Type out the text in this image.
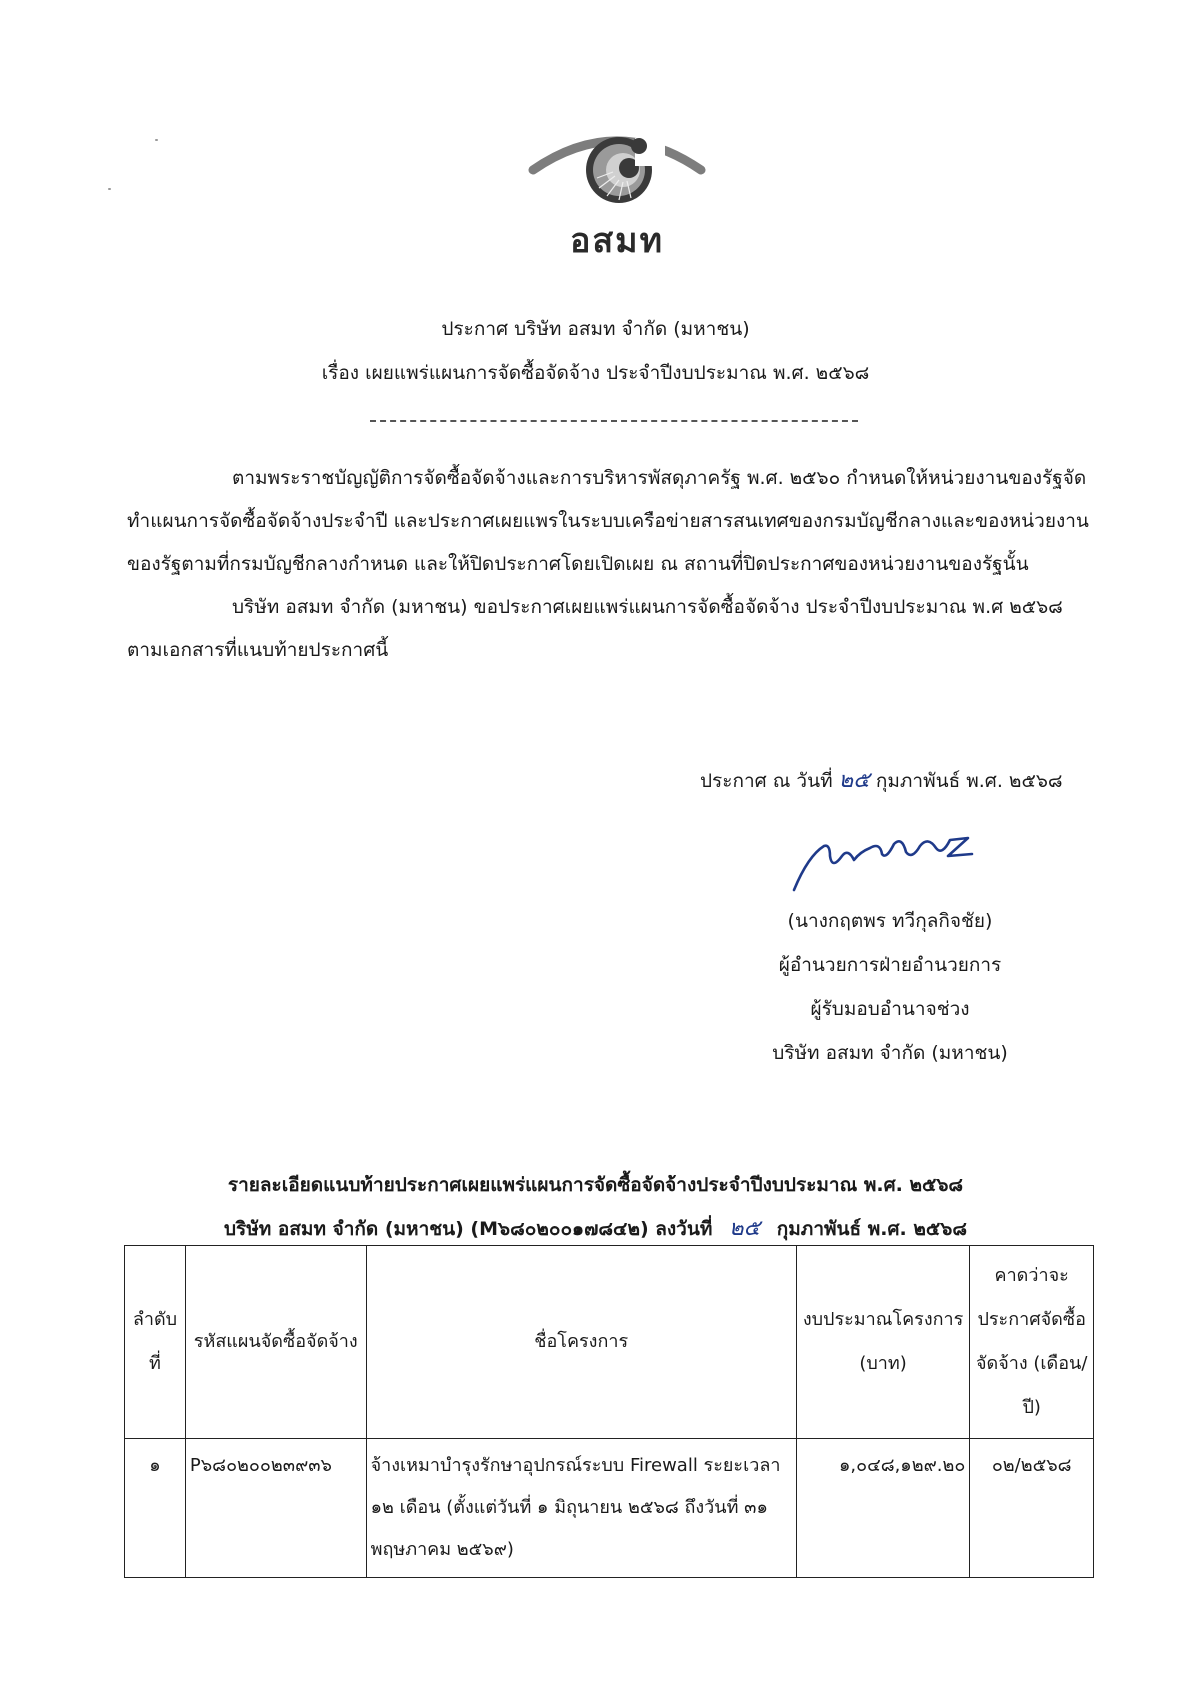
อสมท
ประกาศ บริษัท อสมท จำกัด (มหาชน)
เรื่อง เผยแพร่แผนการจัดซื้อจัดจ้าง ประจำปีงบประมาณ พ.ศ. ๒๕๖๘

ตามพระราชบัญญัติการจัดซื้อจัดจ้างและการบริหารพัสดุภาครัฐ พ.ศ. ๒๕๖๐ กำหนดให้หน่วยงานของรัฐจัดทำแผนการจัดซื้อจัดจ้างประจำปี และประกาศเผยแพรในระบบเครือข่ายสารสนเทศของกรมบัญชีกลางและของหน่วยงานของรัฐตามที่กรมบัญชีกลางกำหนด และให้ปิดประกาศโดยเปิดเผย ณ สถานที่ปิดประกาศของหน่วยงานของรัฐนั้น

บริษัท อสมท จำกัด (มหาชน) ขอประกาศเผยแพร่แผนการจัดซื้อจัดจ้าง ประจำปีงบประมาณ พ.ศ ๒๕๖๘ ตามเอกสารที่แนบท้ายประกาศนี้

ประกาศ ณ วันที่ ๒๕ กุมภาพันธ์ พ.ศ. ๒๕๖๘
(นางกฤตพร ทวีกุลกิจชัย)
ผู้อำนวยการฝ่ายอำนวยการ
ผู้รับมอบอำนาจช่วง
บริษัท อสมท จำกัด (มหาชน)
รายละเอียดแนบท้ายประกาศเผยแพร่แผนการจัดซื้อจัดจ้างประจำปีงบประมาณ พ.ศ. ๒๕๖๘
บริษัท อสมท จำกัด (มหาชน) (M๖๘๐๒๐๐๑๗๘๔๒) ลงวันที่ ๒๕ กุมภาพันธ์ พ.ศ. ๒๕๖๘
ลำดับที่	รหัสแผนจัดซื้อจัดจ้าง	ชื่อโครงการ	งบประมาณโครงการ (บาท)	คาดว่าจะประกาศจัดซื้อจัดจ้าง (เดือน/ปี)
๑	P๖๘๐๒๐๐๒๓๙๓๖	จ้างเหมาบำรุงรักษาอุปกรณ์ระบบ Firewall ระยะเวลา ๑๒ เดือน (ตั้งแต่วันที่ ๑ มิถุนายน ๒๕๖๘ ถึงวันที่ ๓๑ พฤษภาคม ๒๕๖๙)	๑,๐๔๘,๑๒๙.๒๐	๐๒/๒๕๖๘
